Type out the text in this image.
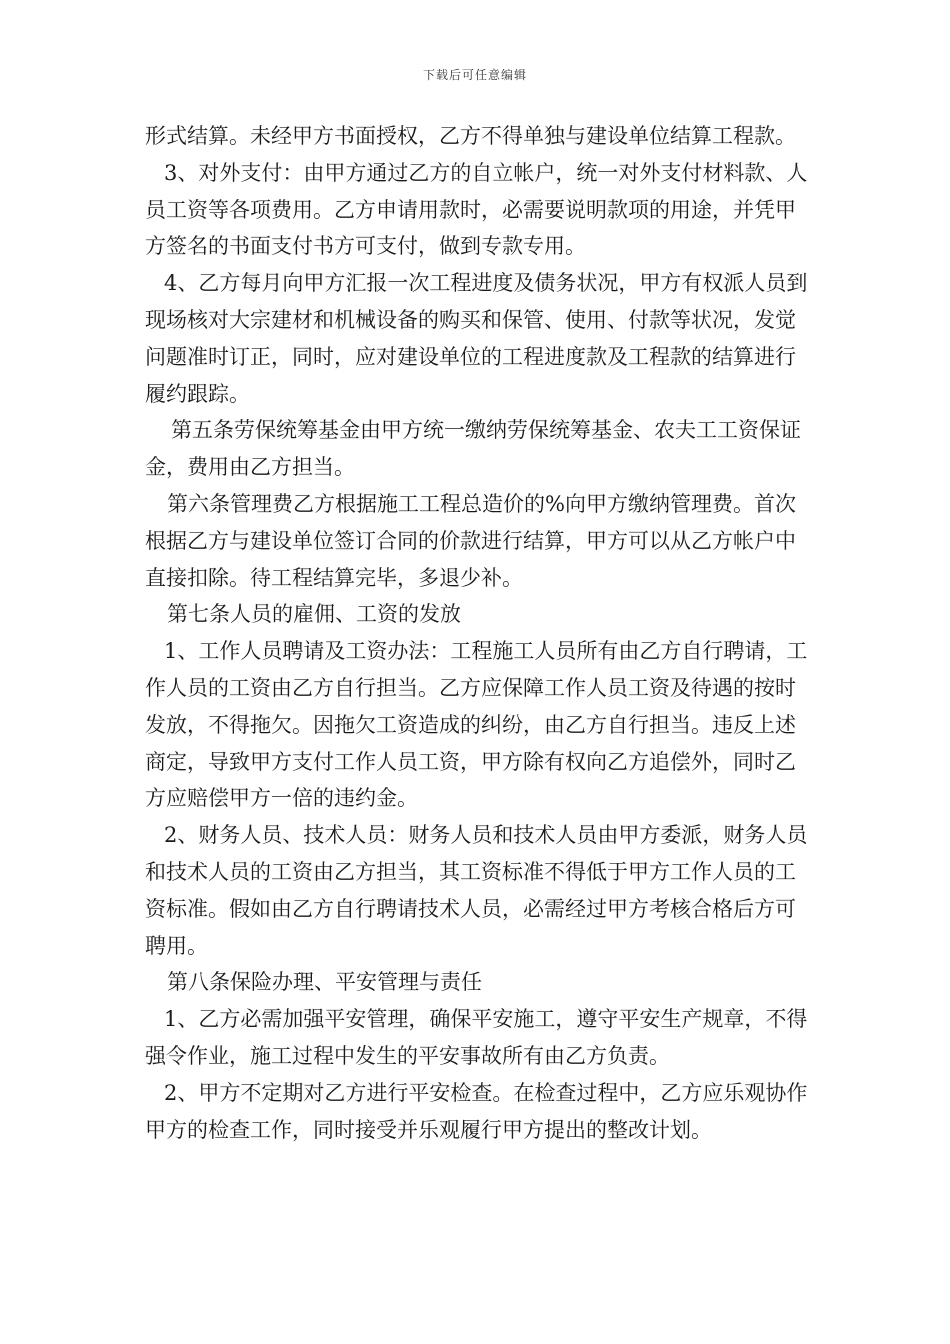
下载后可任意编辑

形式结算。未经甲方书面授权，乙方不得单独与建设单位结算工程款。

3、对外支付：由甲方通过乙方的自立帐户，统一对外支付材料款、人员工资等各项费用。乙方申请用款时，必需要说明款项的用途，并凭甲方签名的书面支付书方可支付，做到专款专用。

4、乙方每月向甲方汇报一次工程进度及债务状况，甲方有权派人员到现场核对大宗建材和机械设备的购买和保管、使用、付款等状况，发觉问题准时订正，同时，应对建设单位的工程进度款及工程款的结算进行履约跟踪。

第五条劳保统筹基金由甲方统一缴纳劳保统筹基金、农夫工工资保证金，费用由乙方担当。

第六条管理费乙方根据施工工程总造价的%向甲方缴纳管理费。首次根据乙方与建设单位签订合同的价款进行结算，甲方可以从乙方帐户中直接扣除。待工程结算完毕，多退少补。

第七条人员的雇佣、工资的发放

1、工作人员聘请及工资办法：工程施工人员所有由乙方自行聘请，工作人员的工资由乙方自行担当。乙方应保障工作人员工资及待遇的按时发放，不得拖欠。因拖欠工资造成的纠纷，由乙方自行担当。违反上述商定，导致甲方支付工作人员工资，甲方除有权向乙方追偿外，同时乙方应赔偿甲方一倍的违约金。

2、财务人员、技术人员：财务人员和技术人员由甲方委派，财务人员和技术人员的工资由乙方担当，其工资标准不得低于甲方工作人员的工资标准。假如由乙方自行聘请技术人员，必需经过甲方考核合格后方可聘用。

第八条保险办理、平安管理与责任

1、乙方必需加强平安管理，确保平安施工，遵守平安生产规章，不得强令作业，施工过程中发生的平安事故所有由乙方负责。

2、甲方不定期对乙方进行平安检查。在检查过程中，乙方应乐观协作甲方的检查工作，同时接受并乐观履行甲方提出的整改计划。
